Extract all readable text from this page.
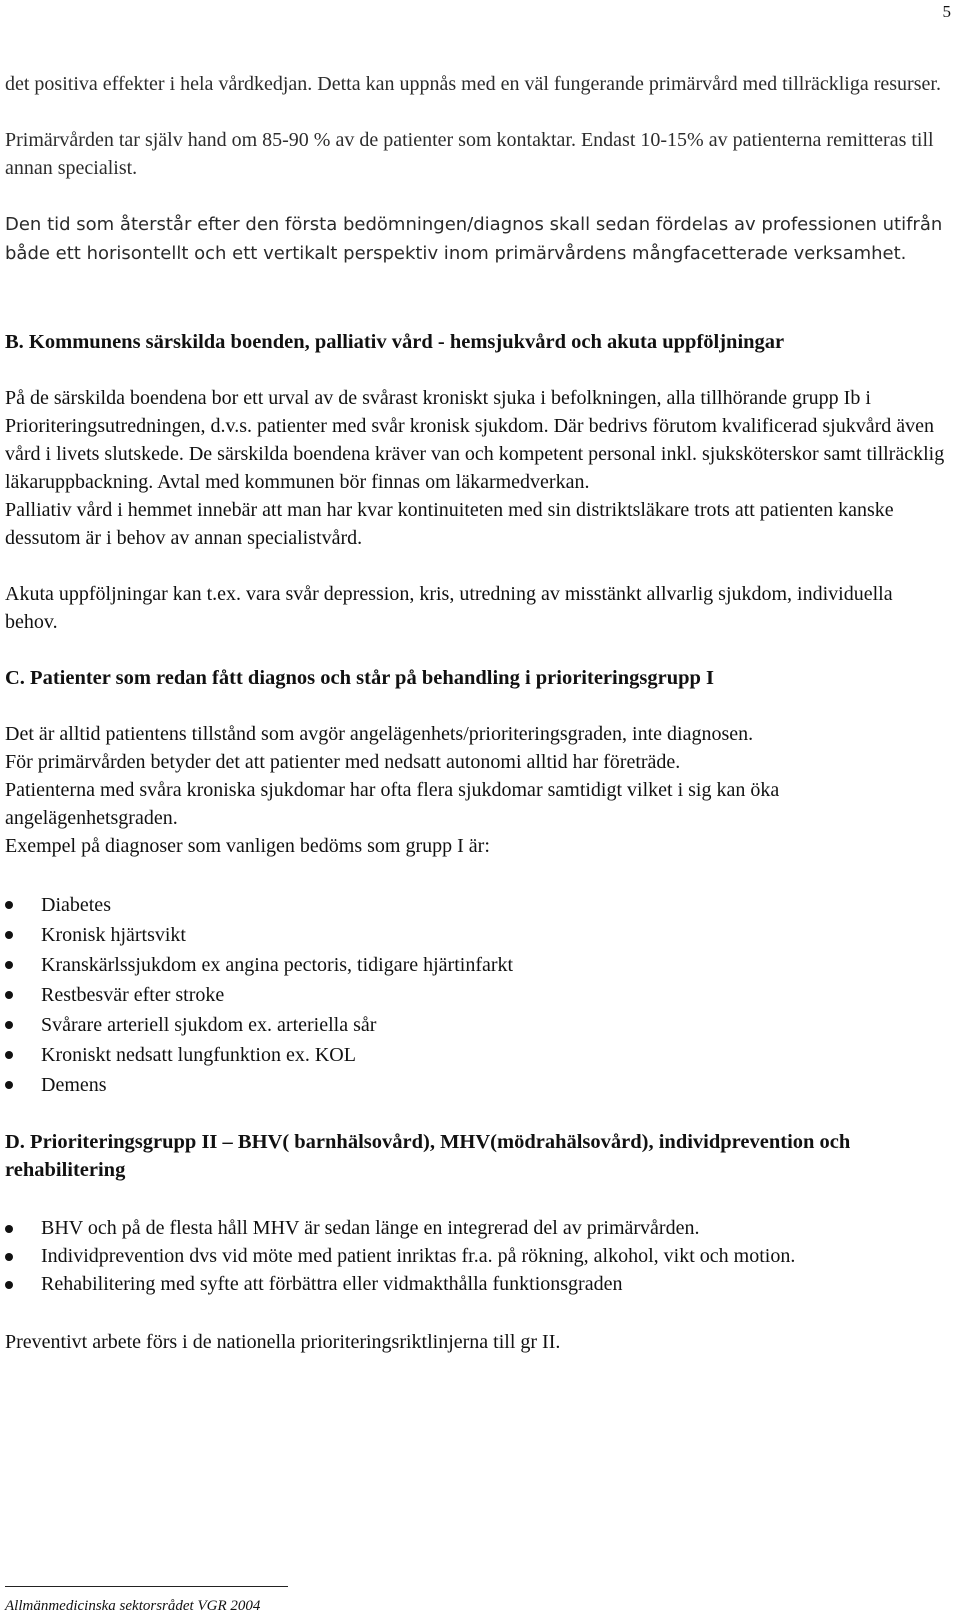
5

det positiva effekter i hela vårdkedjan. Detta kan uppnås med en väl fungerande primärvård med tillräckliga resurser.

Primärvården tar själv hand om 85-90 % av de patienter som kontaktar. Endast 10-15% av patienterna remitteras till annan specialist.

Den tid som återstår efter den första bedömningen/diagnos skall sedan fördelas av professionen utifrån både ett horisontellt och ett vertikalt perspektiv inom primärvårdens mångfacetterade verksamhet.

B. Kommunens särskilda boenden, palliativ vård - hemsjukvård och akuta uppföljningar

På de särskilda boendena bor ett urval av de svårast kroniskt sjuka i befolkningen, alla tillhörande grupp Ib i Prioriteringsutredningen, d.v.s. patienter med svår kronisk sjukdom. Där bedrivs förutom kvalificerad sjukvård även vård i livets slutskede. De särskilda boendena kräver van och kompetent personal inkl. sjuksköterskor samt tillräcklig läkaruppbackning. Avtal med kommunen bör finnas om läkarmedverkan.

Palliativ vård i hemmet innebär att man har kvar kontinuiteten med sin distriktsläkare trots att patienten kanske dessutom är i behov av annan specialistvård.

Akuta uppföljningar kan t.ex. vara svår depression, kris, utredning av misstänkt allvarlig sjukdom, individuella behov.

C. Patienter som redan fått diagnos och står på behandling i prioriteringsgrupp I

Det är alltid patientens tillstånd som avgör angelägenhets/prioriteringsgraden, inte diagnosen.

För primärvården betyder det att patienter med nedsatt autonomi alltid har företräde.

Patienterna med svåra kroniska sjukdomar har ofta flera sjukdomar samtidigt vilket i sig kan öka angelägenhetsgraden.

Exempel på diagnoser som vanligen bedöms som grupp I är:

Diabetes
Kronisk hjärtsvikt
Kranskärlssjukdom ex angina pectoris, tidigare hjärtinfarkt
Restbesvär efter stroke
Svårare arteriell sjukdom ex. arteriella sår
Kroniskt nedsatt lungfunktion ex. KOL
Demens
D. Prioriteringsgrupp II – BHV( barnhälsovård), MHV(mödrahälsovård), individprevention och rehabilitering
BHV och på de flesta håll MHV är sedan länge en integrerad del av primärvården.
Individprevention dvs vid möte med patient inriktas fr.a. på rökning, alkohol, vikt och motion.
Rehabilitering med syfte att förbättra eller vidmakthålla funktionsgraden

Preventivt arbete förs i de nationella prioriteringsriktlinjerna till gr II.

Allmänmedicinska sektorsrådet VGR 2004
